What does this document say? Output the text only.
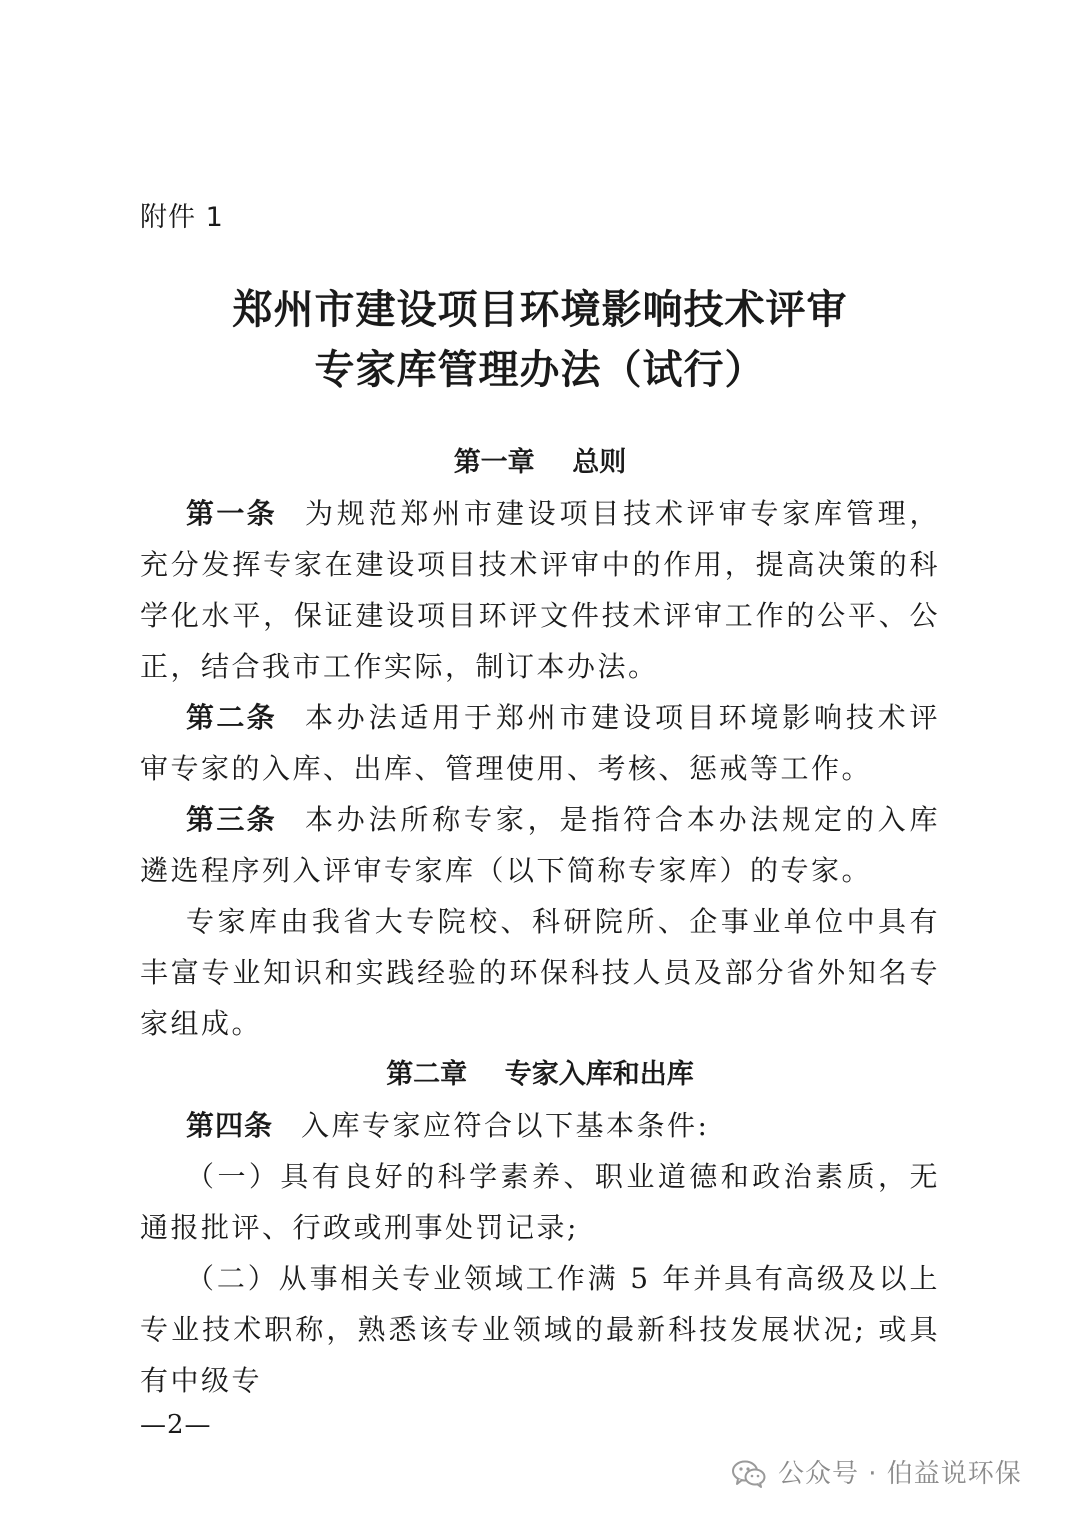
附件 1

郑州市建设项目环境影响技术评审
专家库管理办法（试行）
第一章    总则

第一条 为规范郑州市建设项目技术评审专家库管理，充分发挥专家在建设项目技术评审中的作用，提高决策的科学化水平，保证建设项目环评文件技术评审工作的公平、公正，结合我市工作实际，制订本办法。

第二条 本办法适用于郑州市建设项目环境影响技术评审专家的入库、出库、管理使用、考核、惩戒等工作。

第三条 本办法所称专家，是指符合本办法规定的入库遴选程序列入评审专家库（以下简称专家库）的专家。

专家库由我省大专院校、科研院所、企事业单位中具有丰富专业知识和实践经验的环保科技人员及部分省外知名专家组成。

第二章    专家入库和出库

第四条 入库专家应符合以下基本条件:

（一）具有良好的科学素养、职业道德和政治素质，无通报批评、行政或刑事处罚记录;

（二）从事相关专业领域工作满 5 年并具有高级及以上专业技术职称，熟悉该专业领域的最新科技发展状况; 或具有中级专

—2—

公众号 · 伯益说环保
